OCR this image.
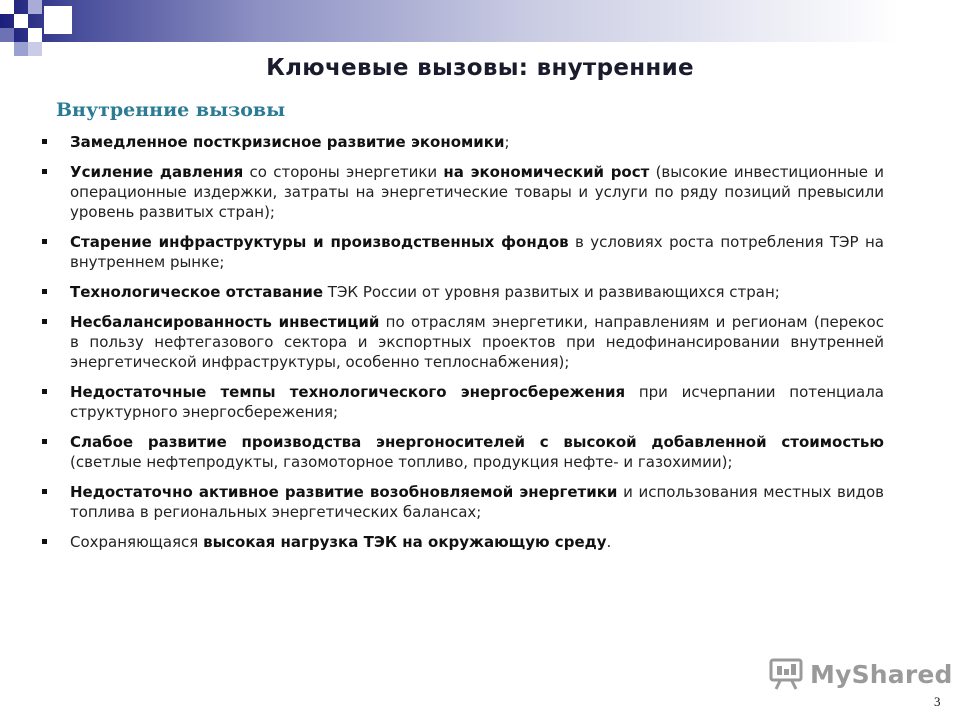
Ключевые вызовы: внутренние
Внутренние вызовы
Замедленное посткризисное развитие экономики;
Усиление давления со стороны энергетики на экономический рост (высокие инвестиционные и операционные издержки, затраты на энергетические товары и услуги по ряду позиций превысили уровень развитых стран);
Старение инфраструктуры и производственных фондов в условиях роста потребления ТЭР на внутреннем рынке;
Технологическое отставание ТЭК России от уровня развитых и развивающихся стран;
Несбалансированность инвестиций по отраслям энергетики, направлениям и регионам (перекос в пользу нефтегазового сектора и экспортных проектов при недофинансировании внутренней энергетической инфраструктуры, особенно теплоснабжения);
Недостаточные темпы технологического энергосбережения при исчерпании потенциала структурного энергосбережения;
Слабое развитие производства энергоносителей с высокой добавленной стоимостью (светлые нефтепродукты, газомоторное топливо, продукция нефте- и газохимии);
Недостаточно активное развитие возобновляемой энергетики и использования местных видов топлива в региональных энергетических балансах;
Сохраняющаяся высокая нагрузка ТЭК на окружающую среду.
MyShared
3
